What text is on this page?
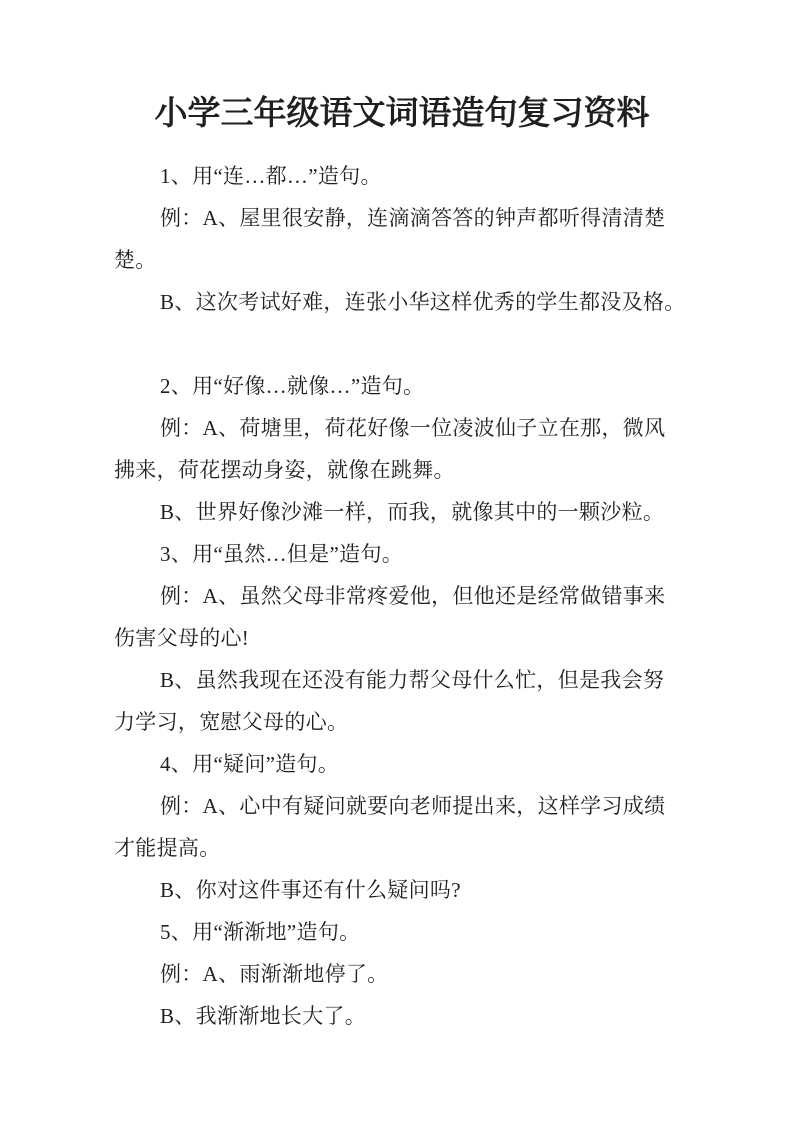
小学三年级语文词语造句复习资料
1、用“连…都…”造句。
例：A、屋里很安静，连滴滴答答的钟声都听得清清楚
楚。
B、这次考试好难，连张小华这样优秀的学生都没及格。
2、用“好像…就像…”造句。
例：A、荷塘里，荷花好像一位凌波仙子立在那，微风
拂来，荷花摆动身姿，就像在跳舞。
B、世界好像沙滩一样，而我，就像其中的一颗沙粒。
3、用“虽然…但是”造句。
例：A、虽然父母非常疼爱他，但他还是经常做错事来
伤害父母的心!
B、虽然我现在还没有能力帮父母什么忙，但是我会努
力学习，宽慰父母的心。
4、用“疑问”造句。
例：A、心中有疑问就要向老师提出来，这样学习成绩
才能提高。
B、你对这件事还有什么疑问吗?
5、用“渐渐地”造句。
例：A、雨渐渐地停了。
B、我渐渐地长大了。
